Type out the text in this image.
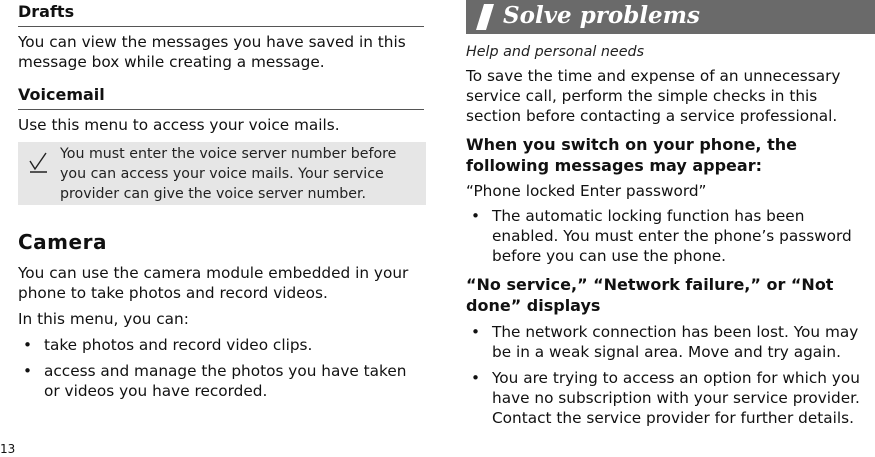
Drafts

You can view the messages you have saved in this message box while creating a message.

Voicemail

Use this menu to access your voice mails.

You must enter the voice server number before you can access your voice mails. Your service provider can give the voice server number.
Camera

You can use the camera module embedded in your phone to take photos and record videos.

In this menu, you can:

• take photos and record video clips.
• access and manage the photos you have taken or videos you have recorded.
Solve problems

Help and personal needs

To save the time and expense of an unnecessary service call, perform the simple checks in this section before contacting a service professional.

When you switch on your phone, the following messages may appear:

“Phone locked Enter password”

• The automatic locking function has been enabled. You must enter the phone’s password before you can use the phone.

“No service,” “Network failure,” or “Not done” displays

• The network connection has been lost. You may be in a weak signal area. Move and try again.
• You are trying to access an option for which you have no subscription with your service provider. Contact the service provider for further details.
13
